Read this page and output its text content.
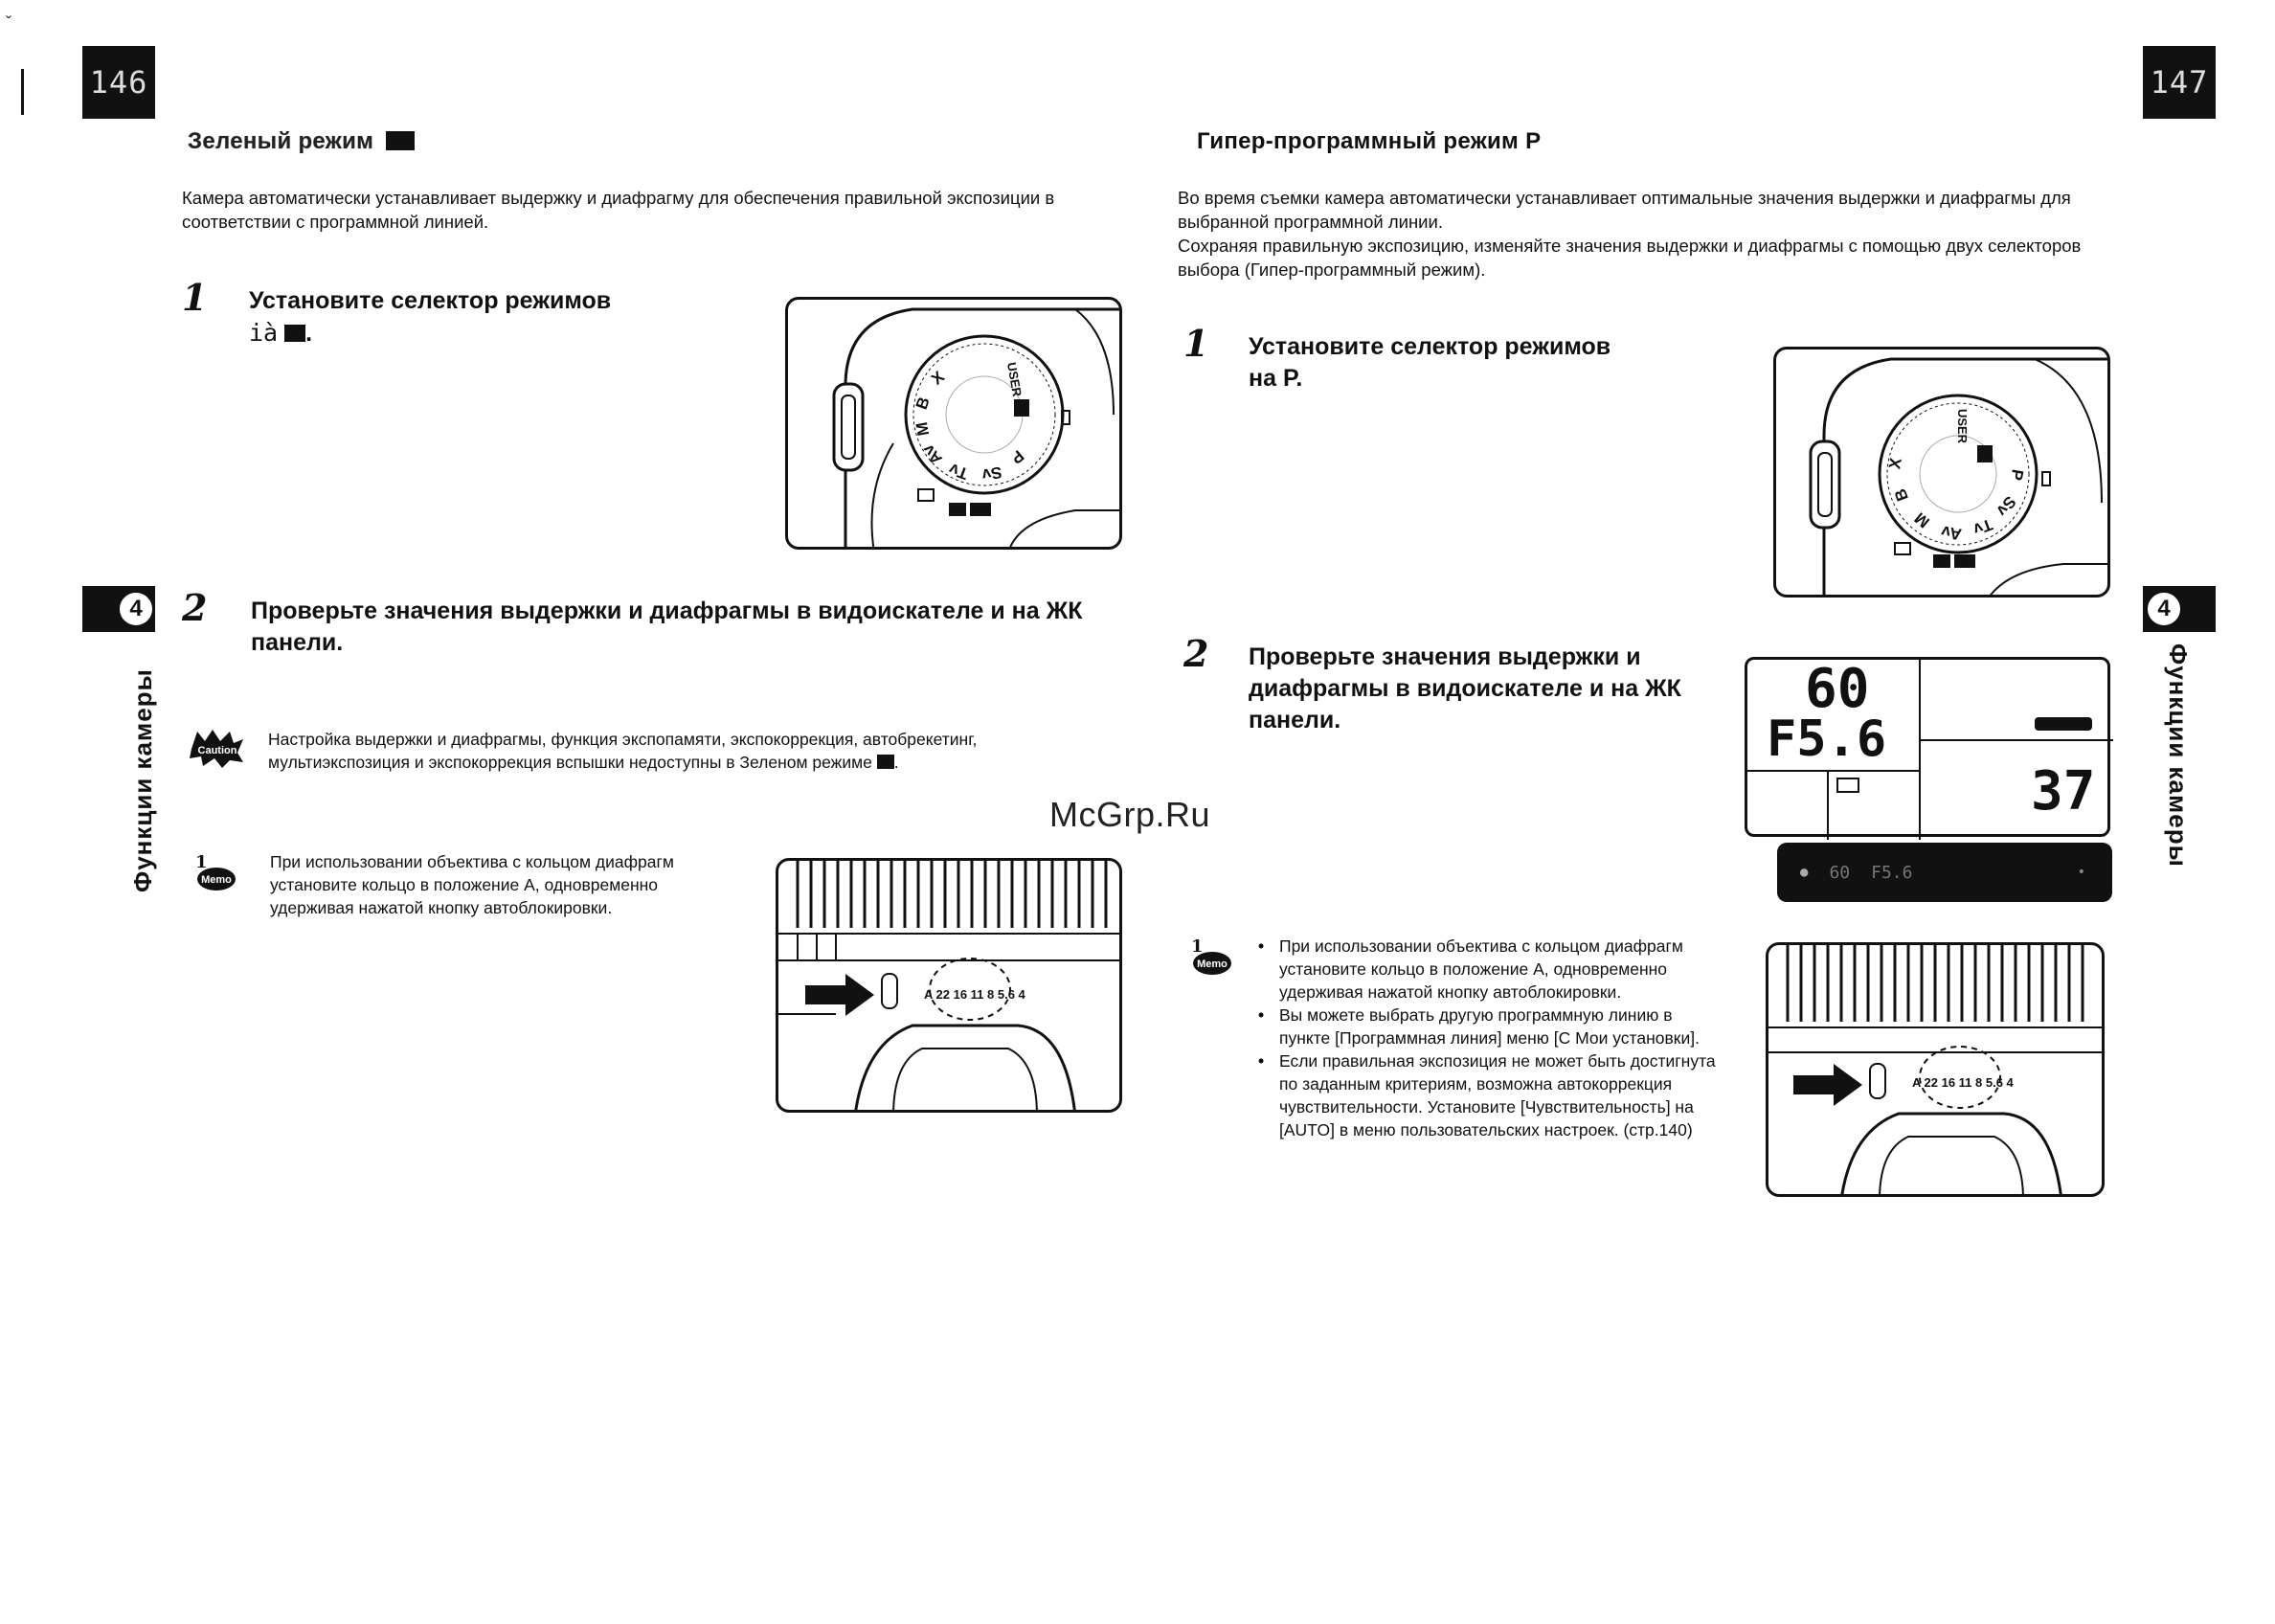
ˇ
McGrp.Ru
146
Зеленый режим
Камера автоматически устанавливает выдержку и диафрагму для обеспечения правильной экспозиции в соответствии с программной линией.
1 Установите селектор режимов
іà .
X
B
M
Av
Tv Sv
P
USER
2 Проверьте значения выдержки и диафрагмы в видоискателе и на ЖК панели.
Caution
Настройка выдержки и диафрагмы, функция экспопамяти, экспокоррекция, автобрекетинг, мультиэкспозиция и экспокоррекция вспышки недоступны в Зеленом режиме .
1
Memo
При использовании объектива с кольцом диафрагм установите кольцо в положение А, одновременно удерживая нажатой кнопку автоблокировки.
A 22 16 11 8 5.6 4
4
Функции камеры
147
Гипер-программный режим P
Во время съемки камера автоматически устанавливает оптимальные значения выдержки и диафрагмы для выбранной программной линии.
Сохраняя правильную экспозицию, изменяйте значения выдержки и диафрагмы с помощью двух селекторов выбора (Гипер-программный режим).
1 Установите селектор режимов
на P.
X
B
M
Av Tv
Sv
P
USER
2 Проверьте значения выдержки и диафрагмы в видоискателе и на ЖК панели.	60
F5.6
37
● 60 F5.6	•
1
Memo
• При использовании объектива с кольцом диафрагм установите кольцо в положение А, одновременно удерживая нажатой кнопку автоблокировки.
• Вы можете выбрать другую программную линию в пункте [Программная линия] меню [С Мои установки].
• Если правильная экспозиция не может быть достигнута по заданным критериям, возможна автокоррекция чувствительности. Установите [Чувствительность] на [AUTO] в меню пользовательских настроек. (стр.140)
A 22 16 11 8 5.6 4
4
Функции камеры
